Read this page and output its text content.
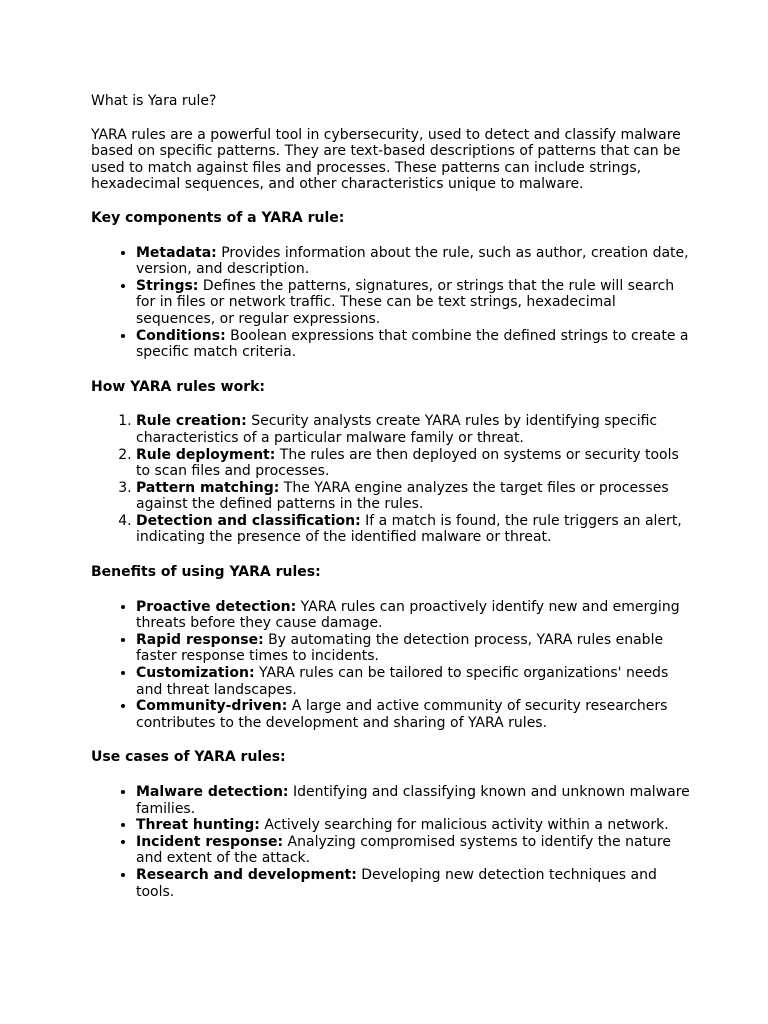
What is Yara rule?

YARA rules are a powerful tool in cybersecurity, used to detect and classify malware based on specific patterns. They are text-based descriptions of patterns that can be used to match against files and processes. These patterns can include strings, hexadecimal sequences, and other characteristics unique to malware.

Key components of a YARA rule:

• Metadata: Provides information about the rule, such as author, creation date, version, and description.
• Strings: Defines the patterns, signatures, or strings that the rule will search for in files or network traffic. These can be text strings, hexadecimal sequences, or regular expressions.
• Conditions: Boolean expressions that combine the defined strings to create a specific match criteria.

How YARA rules work:

1. Rule creation: Security analysts create YARA rules by identifying specific characteristics of a particular malware family or threat.
2. Rule deployment: The rules are then deployed on systems or security tools to scan files and processes.
3. Pattern matching: The YARA engine analyzes the target files or processes against the defined patterns in the rules.
4. Detection and classification: If a match is found, the rule triggers an alert, indicating the presence of the identified malware or threat.

Benefits of using YARA rules:

• Proactive detection: YARA rules can proactively identify new and emerging threats before they cause damage.
• Rapid response: By automating the detection process, YARA rules enable faster response times to incidents.
• Customization: YARA rules can be tailored to specific organizations' needs and threat landscapes.
• Community-driven: A large and active community of security researchers contributes to the development and sharing of YARA rules.

Use cases of YARA rules:

• Malware detection: Identifying and classifying known and unknown malware families.
• Threat hunting: Actively searching for malicious activity within a network.
• Incident response: Analyzing compromised systems to identify the nature and extent of the attack.
• Research and development: Developing new detection techniques and tools.
